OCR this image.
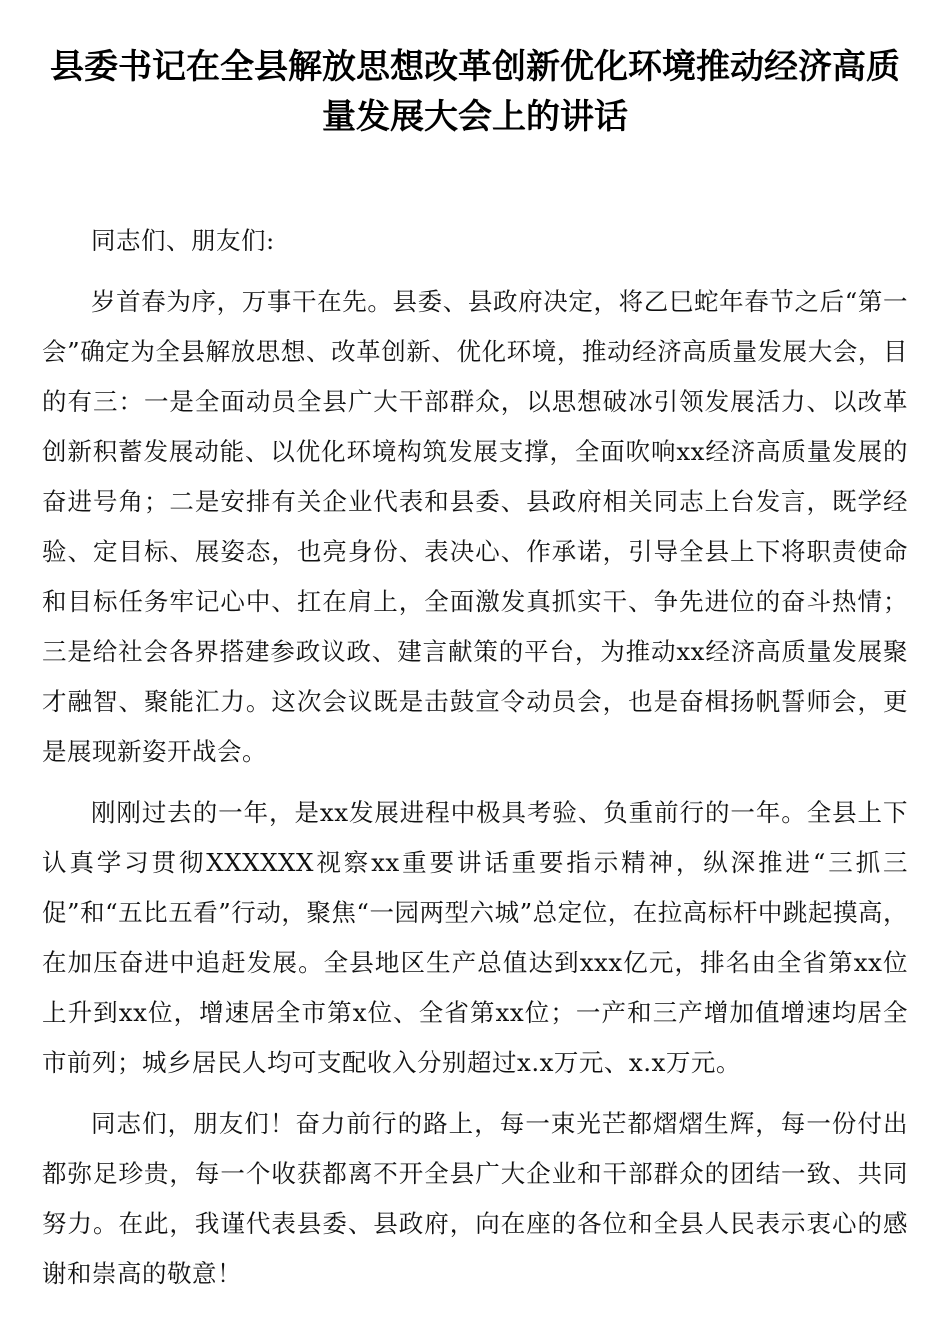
县委书记在全县解放思想改革创新优化环境推动经济高质量发展大会上的讲话

同志们、朋友们:

岁首春为序，万事干在先。县委、县政府决定，将乙巳蛇年春节之后“第一会”确定为全县解放思想、改革创新、优化环境，推动经济高质量发展大会，目的有三：一是全面动员全县广大干部群众，以思想破冰引领发展活力、以改革创新积蓄发展动能、以优化环境构筑发展支撑，全面吹响xx经济高质量发展的奋进号角；二是安排有关企业代表和县委、县政府相关同志上台发言，既学经验、定目标、展姿态，也亮身份、表决心、作承诺，引导全县上下将职责使命和目标任务牢记心中、扛在肩上，全面激发真抓实干、争先进位的奋斗热情；三是给社会各界搭建参政议政、建言献策的平台，为推动xx经济高质量发展聚才融智、聚能汇力。这次会议既是击鼓宣令动员会，也是奋楫扬帆誓师会，更是展现新姿开战会。

刚刚过去的一年，是xx发展进程中极具考验、负重前行的一年。全县上下认真学习贯彻XXXXXX视察xx重要讲话重要指示精神，纵深推进“三抓三促”和“五比五看”行动，聚焦“一园两型六城”总定位，在拉高标杆中跳起摸高，在加压奋进中追赶发展。全县地区生产总值达到xxx亿元，排名由全省第xx位上升到xx位，增速居全市第x位、全省第xx位；一产和三产增加值增速均居全市前列；城乡居民人均可支配收入分别超过x.x万元、x.x万元。

同志们，朋友们！奋力前行的路上，每一束光芒都熠熠生辉，每一份付出都弥足珍贵，每一个收获都离不开全县广大企业和干部群众的团结一致、共同努力。在此，我谨代表县委、县政府，向在座的各位和全县人民表示衷心的感谢和崇高的敬意！
